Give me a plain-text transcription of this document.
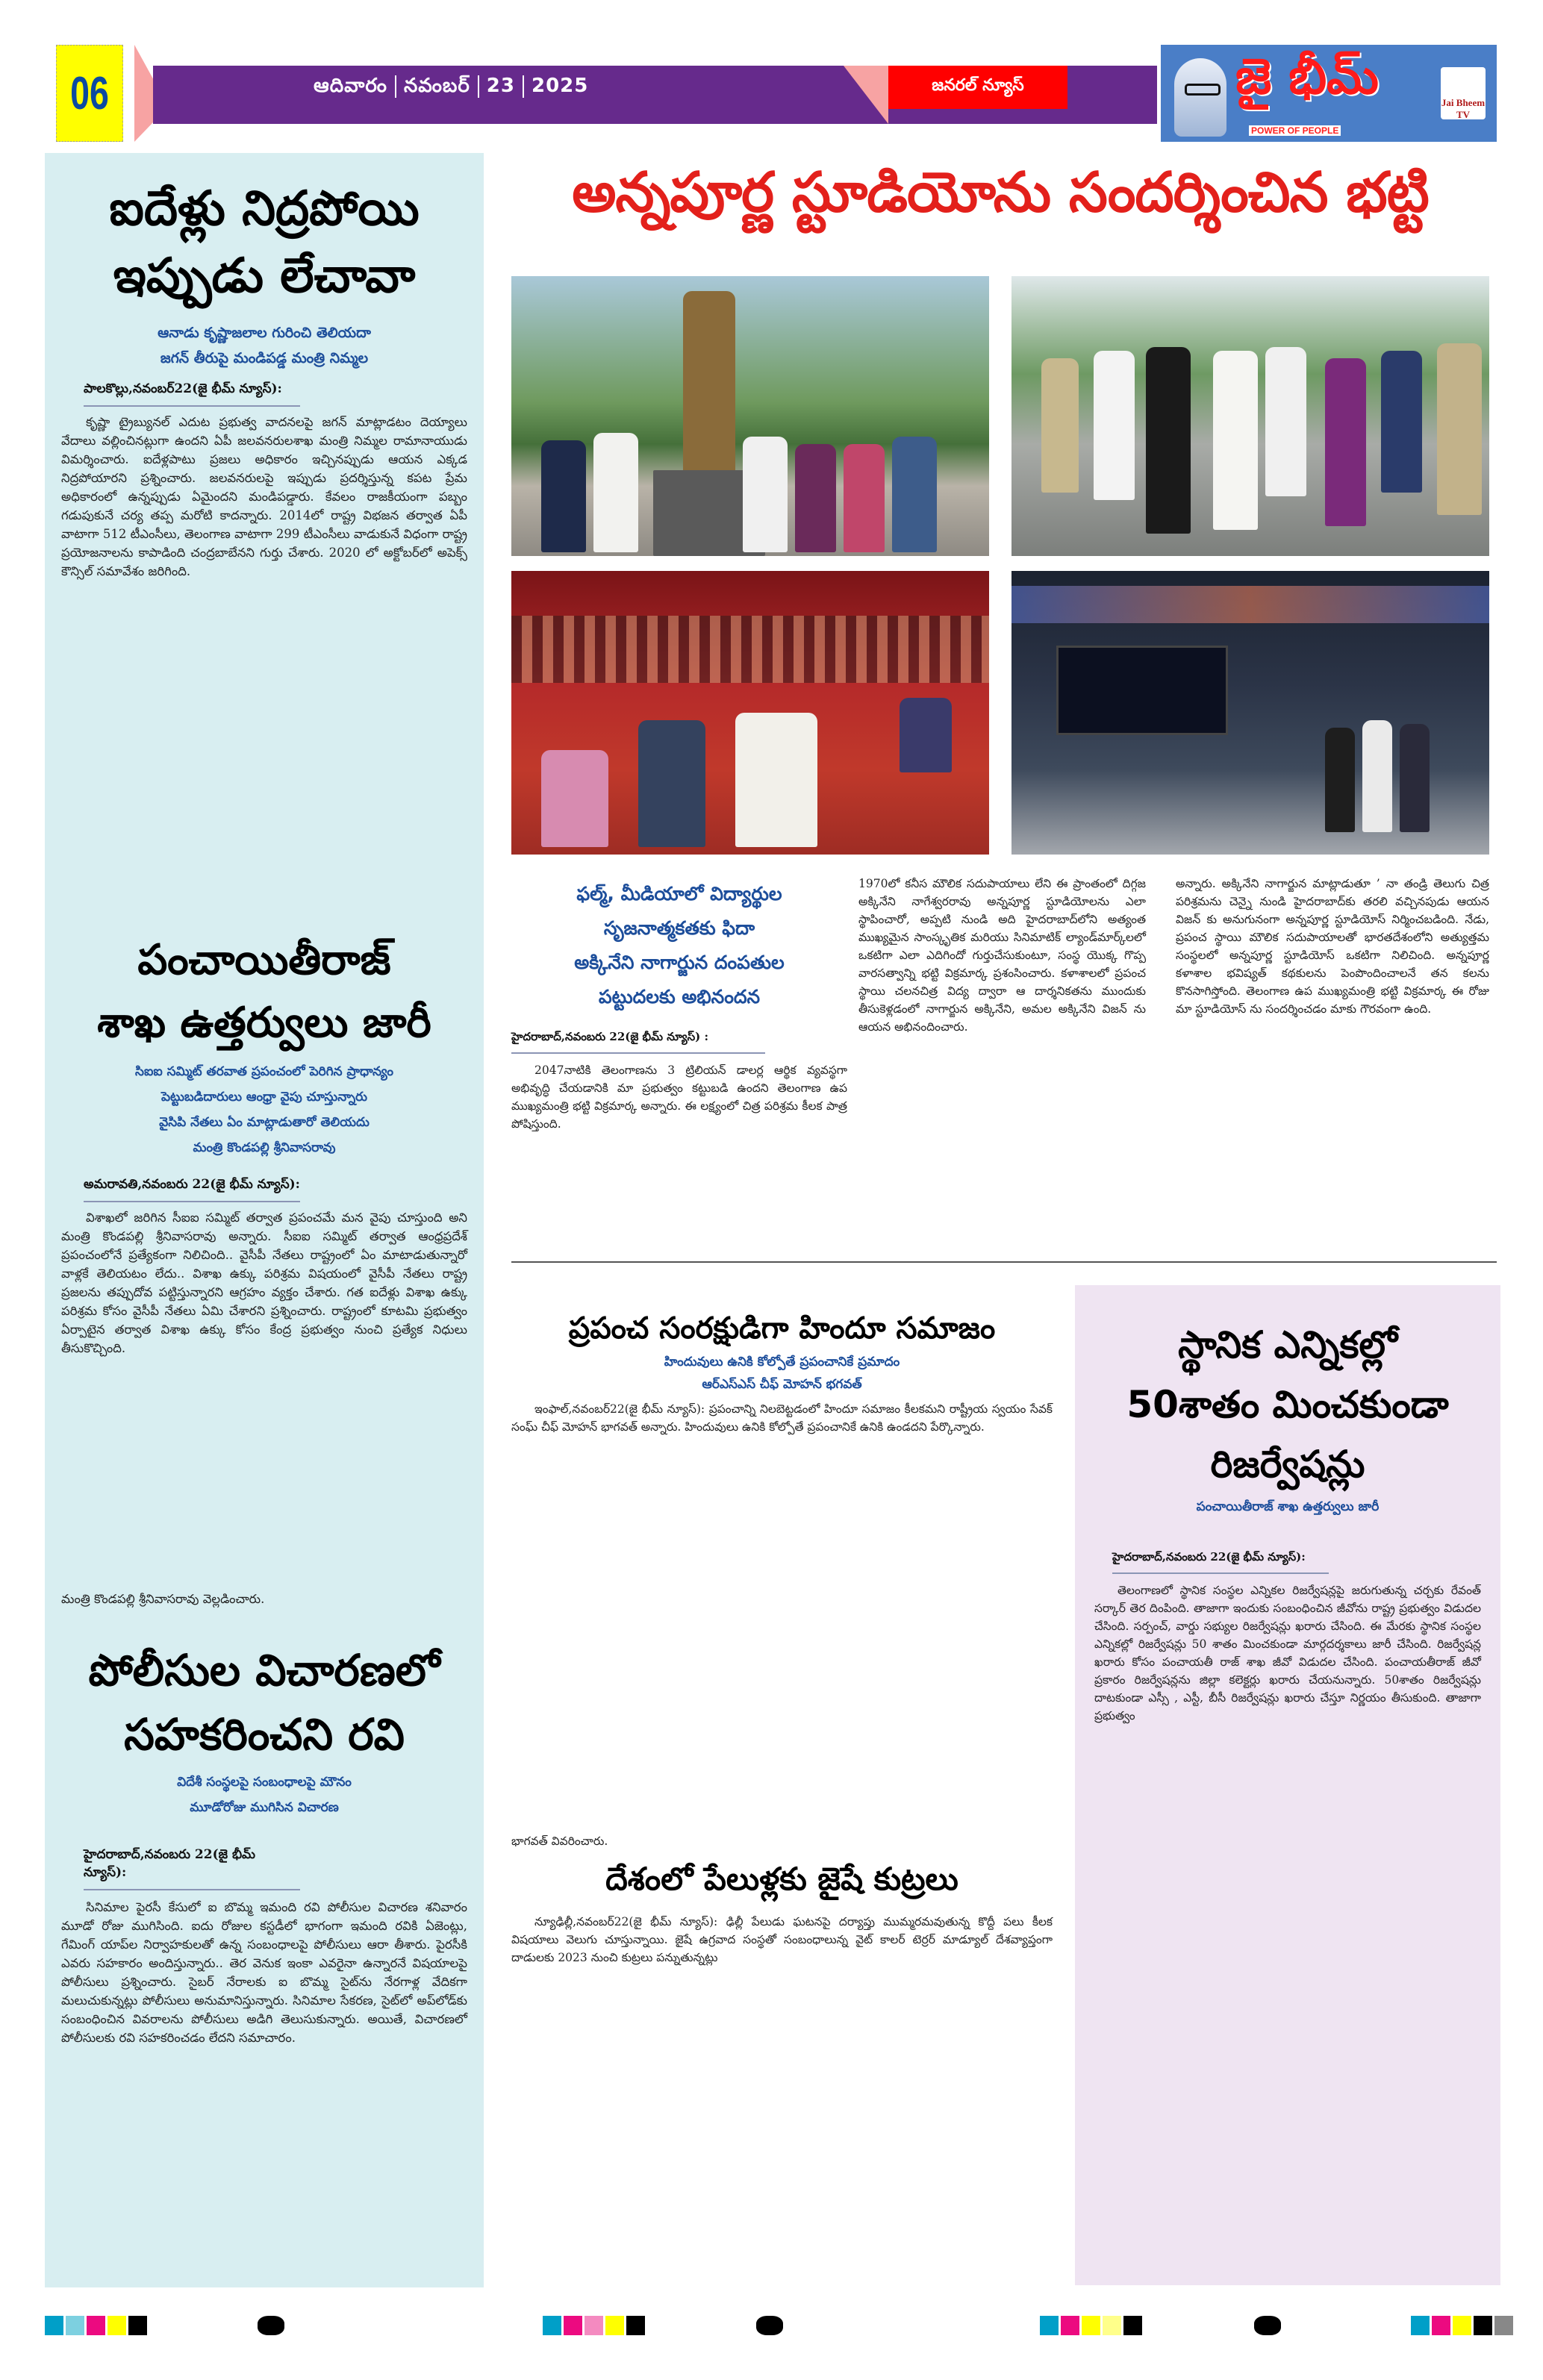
06	ఆదివారం నవంబర్ 23 2025	జనరల్ న్యూస్	జై భీమ్
POWER OF PEOPLE
Jai Bheem TV
ఐదేళ్లు నిద్రపోయి
ఇప్పుడు లేచావా
ఆనాడు కృష్ణాజలాల గురించి తెలియదా
జగన్ తీరుపై మండిపడ్డ మంత్రి నిమ్మల
పాలకొల్లు,నవంబర్22(జై భీమ్ న్యూస్):

కృష్ణా ట్రైబ్యునల్ ఎదుట ప్రభుత్వ వాదనలపై జగన్ మాట్లాడటం దెయ్యాలు వేదాలు వల్లించినట్లుగా ఉందని ఏపీ జలవనరులశాఖ మంత్రి నిమ్మల రామానాయుడు విమర్శించారు. ఐదేళ్లపాటు ప్రజలు అధికారం ఇచ్చినప్పుడు ఆయన ఎక్కడ నిద్రపోయారని ప్రశ్నించారు. జలవనరులపై ఇప్పుడు ప్రదర్శిస్తున్న కపట ప్రేమ అధికారంలో ఉన్నప్పుడు ఏమైందని మండిపడ్డారు. కేవలం రాజకీయంగా పబ్బం గడుపుకునే చర్య తప్ప మరోటి కాదన్నారు. 2014లో రాష్ట్ర విభజన తర్వాత ఏపీ వాటాగా 512 టీఎంసీలు, తెలంగాణ వాటాగా 299 టీఎంసీలు వాడుకునే విధంగా రాష్ట్ర ప్రయోజనాలను కాపాడింది చంద్రబాబేనని గుర్తు చేశారు. 2020 లో అక్టోబర్‌లో అపెక్స్ కౌన్సిల్ సమావేశం జరిగింది.

పంచాయితీరాజ్
శాఖ ఉత్తర్వులు జారీ
సిఐఐ సమ్మిట్ తరవాత ప్రపంచంలో పెరిగిన ప్రాధాన్యం
పెట్టుబడిదారులు ఆంధ్రా వైపు చూస్తున్నారు
వైసిపి నేతలు ఏం మాట్లాడుతారో తెలియదు
మంత్రి కొండపల్లి శ్రీనివాసరావు
అమరావతి,నవంబరు 22(జై భీమ్ న్యూస్):

విశాఖలో జరిగిన సీఐఐ సమ్మిట్ తర్వాత ప్రపంచమే మన వైపు చూస్తుంది అని మంత్రి కొండపల్లి శ్రీనివాసరావు అన్నారు. సీఐఐ సమ్మిట్ తర్వాత ఆంధ్రప్రదేశ్ ప్రపంచంలోనే ప్రత్యేకంగా నిలిచింది.. వైసీపీ నేతలు రాష్ట్రంలో ఏం మాటాడుతున్నారో వాళ్లకే తెలియటం లేదు.. విశాఖ ఉక్కు పరిశ్రమ విషయంలో వైసీపీ నేతలు రాష్ట్ర ప్రజలను తప్పుదోవ పట్టిస్తున్నారని ఆగ్రహం వ్యక్తం చేశారు. గత ఐదేళ్లు విశాఖ ఉక్కు పరిశ్రమ కోసం వైసీపీ నేతలు ఏమి చేశారని ప్రశ్నించారు. రాష్ట్రంలో కూటమి ప్రభుత్వం ఏర్పాటైన తర్వాత విశాఖ ఉక్కు కోసం కేంద్ర ప్రభుత్వం నుంచి ప్రత్యేక నిధులు తీసుకొచ్చింది.

మంత్రి కొండపల్లి శ్రీనివాసరావు వెల్లడించారు.

పోలీసుల విచారణలో
సహకరించని రవి
విదేశీ సంస్థలపై సంబంధాలపై మౌనం
మూడోరోజు ముగిసిన విచారణ
హైదరాబాద్,నవంబరు 22(జై భీమ్ న్యూస్):

సినిమాల పైరసీ కేసులో ఐ బొమ్మ ఇమంది రవి పోలీసుల విచారణ శనివారం మూడో రోజు ముగిసింది. ఐదు రోజుల కస్టడీలో భాగంగా ఇమంది రవికి ఏజెంట్లు, గేమింగ్ యాప్‌ల నిర్వాహకులతో ఉన్న సంబంధాలపై పోలీసులు ఆరా తీశారు. పైరసీకి ఎవరు సహకారం అందిస్తున్నారు.. తెర వెనుక ఇంకా ఎవరైనా ఉన్నారనే విషయాలపై పోలీసులు ప్రశ్నించారు. సైబర్ నేరాలకు ఐ బొమ్మ సైట్‌ను నేరగాళ్ల వేదికగా మలుచుకున్నట్లు పోలీసులు అనుమానిస్తున్నారు. సినిమాల సేకరణ, సైట్‌లో అప్‌లోడ్‌కు సంబంధించిన వివరాలను పోలీసులు అడిగి తెలుసుకున్నారు. అయితే, విచారణలో పోలీసులకు రవి సహకరించడం లేదని సమాచారం.

అన్నపూర్ణ స్టూడియోను సందర్శించిన భట్టి
ఫల్మ్, మీడియాలో విద్యార్థుల
సృజనాత్మకతకు ఫిదా
అక్కినేని నాగార్జున దంపతుల
పట్టుదలకు అభినందన
హైదరాబాద్,నవంబరు 22(జై భీమ్ న్యూస్) :

2047నాటికి తెలంగాణను 3 ట్రిలియన్ డాలర్ల ఆర్థిక వ్యవస్థగా అభివృద్ధి చేయడానికి మా ప్రభుత్వం కట్టుబడి ఉందని తెలంగాణ ఉప ముఖ్యమంత్రి భట్టి విక్రమార్క అన్నారు. ఈ లక్ష్యంలో చిత్ర పరిశ్రమ కీలక పాత్ర పోషిస్తుంది.

1970లో కనీస మౌలిక సదుపాయాలు లేని ఈ ప్రాంతంలో దిగ్గజ అక్కినేని నాగేశ్వరరావు అన్నపూర్ణ స్టూడియోలను ఎలా స్థాపించారో, అప్పటి నుండి అది హైదరాబాద్‌లోని అత్యంత ముఖ్యమైన సాంస్కృతిక మరియు సినిమాటిక్ ల్యాండ్‌మార్క్‌లలో ఒకటిగా ఎలా ఎదిగిందో గుర్తుచేసుకుంటూ, సంస్థ యొక్క గొప్ప వారసత్వాన్ని భట్టి విక్రమార్క ప్రశంసించారు. కళాశాలలో ప్రపంచ స్థాయి చలనచిత్ర విద్య ద్వారా ఆ దార్శనికతను ముందుకు తీసుకెళ్లడంలో నాగార్జున అక్కినేని, అమల అక్కినేని విజన్ ను ఆయన అభినందించారు.

అన్నారు. అక్కినేని నాగార్జున మాట్లాడుతూ ’ నా తండ్రి తెలుగు చిత్ర పరిశ్రమను చెన్నై నుండి హైదరాబాద్‌కు తరలి వచ్చినపుడు ఆయన విజన్ కు అనుగునంగా అన్నపూర్ణ స్టూడియోస్ నిర్మించబడింది. నేడు, ప్రపంచ స్థాయి మౌలిక సదుపాయాలతో భారతదేశంలోని అత్యుత్తమ సంస్థలలో అన్నపూర్ణ స్టూడియోస్ ఒకటిగా నిలిచింది. అన్నపూర్ణ కళాశాల భవిష్యత్ కథకులను పెంపొందించాలనే తన కలను కొనసాగిస్తోంది. తెలంగాణ ఉప ముఖ్యమంత్రి భట్టి విక్రమార్క ఈ రోజు మా స్టూడియోస్ ను సందర్శించడం మాకు గౌరవంగా ఉంది.

ప్రపంచ సంరక్షుడిగా హిందూ సమాజం
హిందువులు ఉనికి కోల్పోతే ప్రపంచానికే ప్రమాదం
ఆర్ఎస్ఎస్ చీఫ్ మోహన్ భగవత్

ఇంఫాల్,నవంబర్22(జై భీమ్ న్యూస్): ప్రపంచాన్ని నిలబెట్టడంలో హిందూ సమాజం కీలకమని రాష్ట్రీయ స్వయం సేవక్ సంఘ్ చీఫ్ మోహన్ భాగవత్ అన్నారు. హిందువులు ఉనికి కోల్పోతే ప్రపంచానికే ఉనికి ఉండదని పేర్కొన్నారు.

భాగవత్ వివరించారు.

దేశంలో పేలుళ్లకు జైషే కుట్రలు

న్యూఢిల్లీ,నవంబర్22(జై భీమ్ న్యూస్): ఢిల్లీ పేలుడు ఘటనపై దర్యాప్తు ముమ్మరమవుతున్న కొద్దీ పలు కీలక విషయాలు వెలుగు చూస్తున్నాయి. జైషే ఉగ్రవాద సంస్థతో సంబంధాలున్న వైట్ కాలర్ టెర్రర్ మాడ్యూల్ దేశవ్యాప్తంగా దాడులకు 2023 నుంచి కుట్రలు పన్నుతున్నట్లు

స్థానిక ఎన్నికల్లో
50శాతం మించకుండా
రిజర్వేషన్లు
పంచాయితీరాజ్ శాఖ ఉత్తర్వులు జారీ
హైదరాబాద్,నవంబరు 22(జై భీమ్ న్యూస్):

తెలంగాణలో స్థానిక సంస్థల ఎన్నికల రిజర్వేషన్లపై జరుగుతున్న చర్చకు రేవంత్ సర్కార్ తెర దింపింది. తాజాగా ఇందుకు సంబంధించిన జీవోను రాష్ట్ర ప్రభుత్వం విడుదల చేసింది. సర్పంచ్, వార్డు సభ్యుల రిజర్వేషన్లు ఖరారు చేసింది. ఈ మేరకు స్థానిక సంస్థల ఎన్నికల్లో రిజర్వేషన్లు 50 శాతం మించకుండా మార్గదర్శకాలు జారీ చేసింది. రిజర్వేషన్ల ఖరారు కోసం పంచాయతీ రాజ్ శాఖ జీవో విడుదల చేసింది. పంచాయతీరాజ్ జీవో ప్రకారం రిజర్వేషన్లను జిల్లా కలెక్టర్లు ఖరారు చేయనున్నారు. 50శాతం రిజర్వేషన్లు దాటకుండా ఎస్సీ , ఎస్టీ, బీసీ రిజర్వేషన్లు ఖరారు చేస్తూ నిర్ణయం తీసుకుంది. తాజాగా ప్రభుత్వం
